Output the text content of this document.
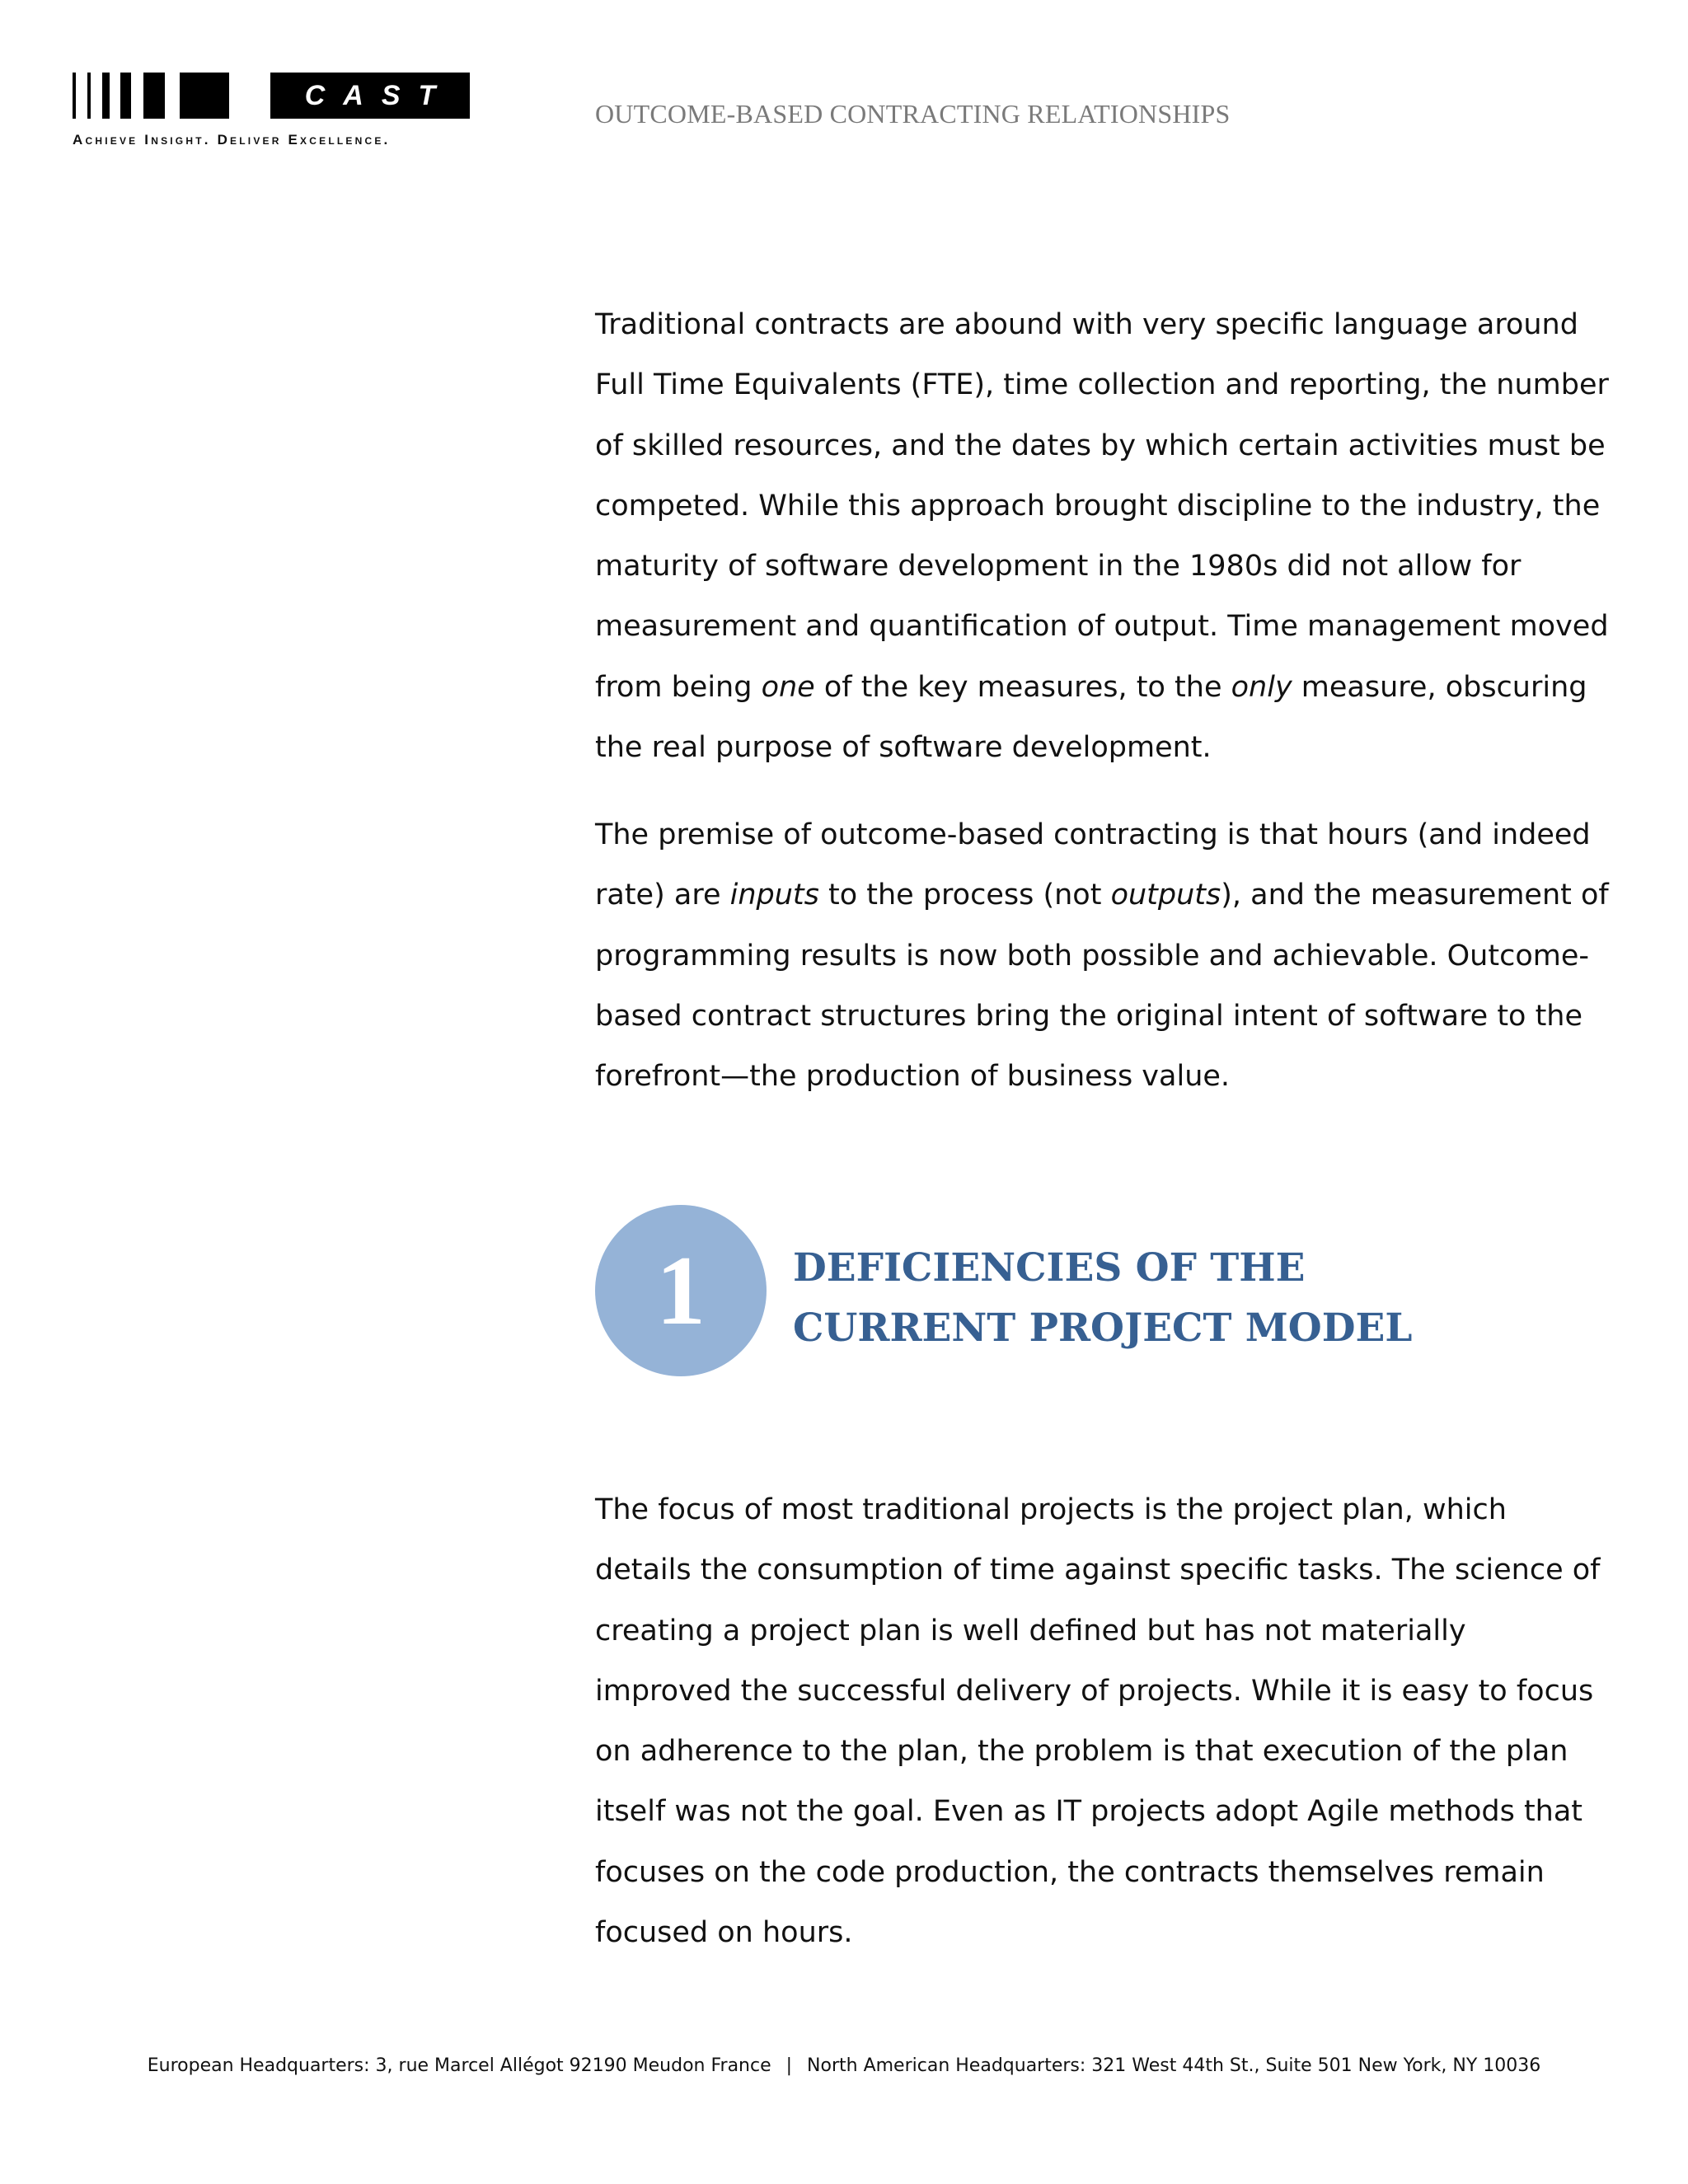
CAST
Achieve Insight. Deliver Excellence.
OUTCOME-BASED CONTRACTING RELATIONSHIPS

Traditional contracts are abound with very specific language around
Full Time Equivalents (FTE), time collection and reporting, the number
of skilled resources, and the dates by which certain activities must be
competed. While this approach brought discipline to the industry, the
maturity of software development in the 1980s did not allow for
measurement and quantification of output. Time management moved
from being one of the key measures, to the only measure, obscuring
the real purpose of software development.

The premise of outcome-based contracting is that hours (and indeed
rate) are inputs to the process (not outputs), and the measurement of
programming results is now both possible and achievable. Outcome-
based contract structures bring the original intent of software to the
forefront—the production of business value.

1	DEFICIENCIES OF THE
CURRENT PROJECT MODEL

The focus of most traditional projects is the project plan, which
details the consumption of time against specific tasks. The science of
creating a project plan is well defined but has not materially
improved the successful delivery of projects. While it is easy to focus
on adherence to the plan, the problem is that execution of the plan
itself was not the goal. Even as IT projects adopt Agile methods that
focuses on the code production, the contracts themselves remain
focused on hours.

European Headquarters: 3, rue Marcel Allégot 92190 Meudon France | North American Headquarters: 321 West 44th St., Suite 501 New York, NY 10036
